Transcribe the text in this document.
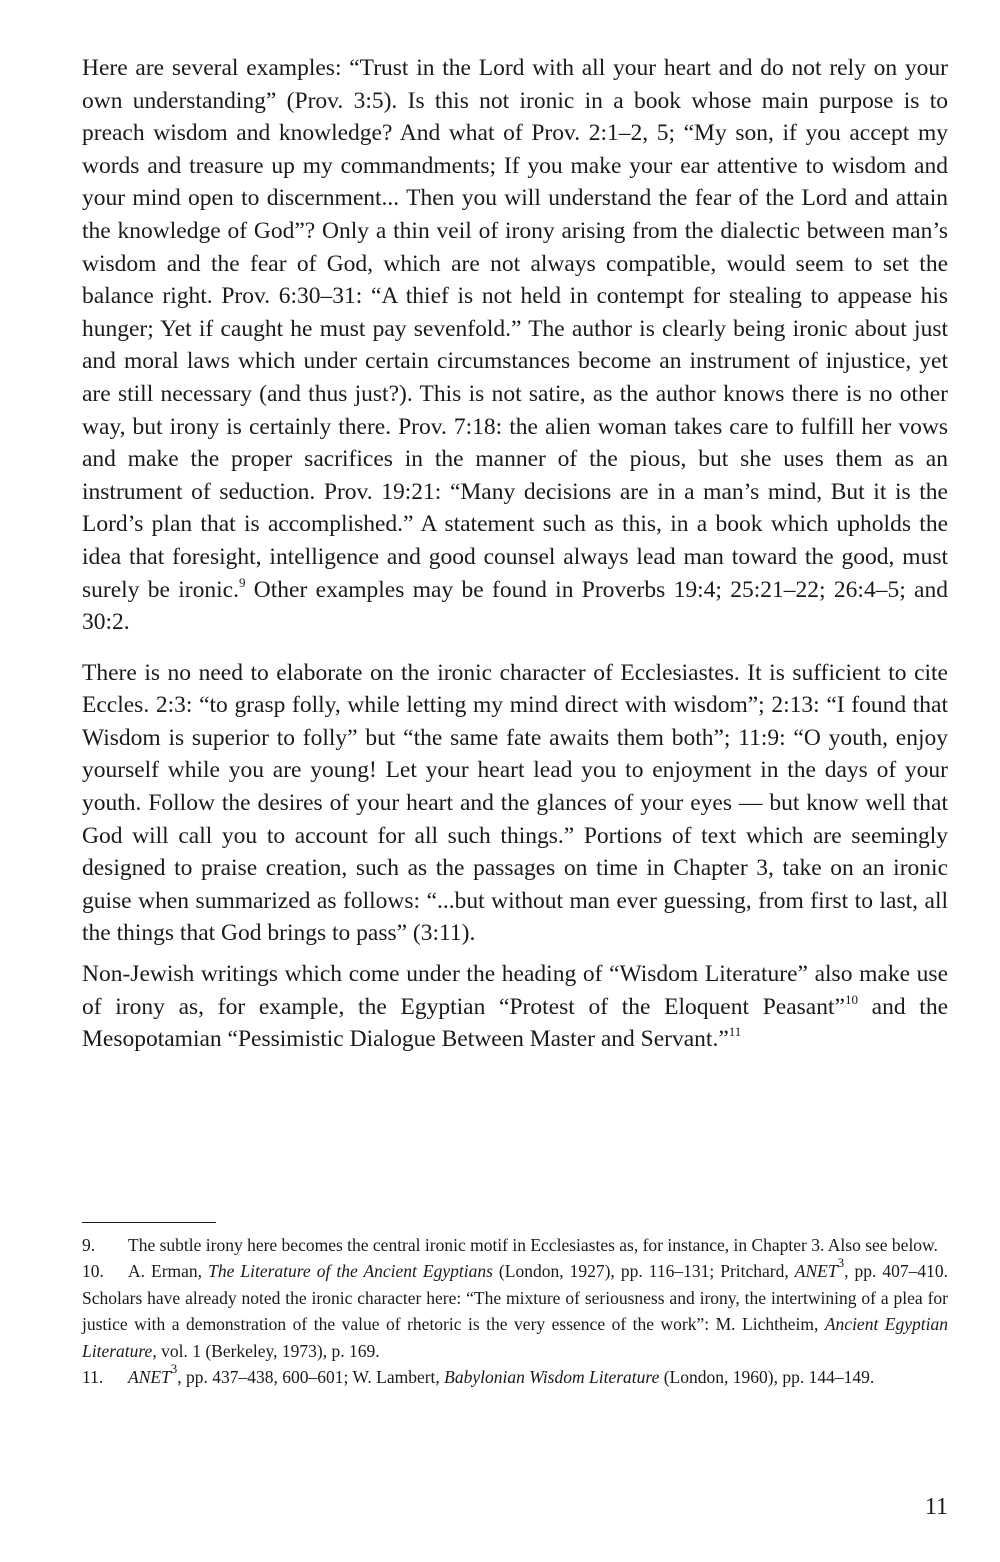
Here are several examples: “Trust in the Lord with all your heart and do not rely on your own understanding” (Prov. 3:5). Is this not ironic in a book whose main purpose is to preach wisdom and knowledge? And what of Prov. 2:1–2, 5; “My son, if you accept my words and treasure up my commandments; If you make your ear attentive to wisdom and your mind open to discernment... Then you will understand the fear of the Lord and attain the knowledge of God”? Only a thin veil of irony arising from the dialectic between man’s wisdom and the fear of God, which are not always compatible, would seem to set the balance right. Prov. 6:30–31: “A thief is not held in contempt for stealing to appease his hunger; Yet if caught he must pay sevenfold.” The author is clearly being ironic about just and moral laws which under certain circumstances become an instrument of injustice, yet are still necessary (and thus just?). This is not satire, as the author knows there is no other way, but irony is certainly there. Prov. 7:18: the alien woman takes care to fulfill her vows and make the proper sacrifices in the manner of the pious, but she uses them as an instrument of seduction. Prov. 19:21: “Many decisions are in a man’s mind, But it is the Lord’s plan that is accomplished.” A statement such as this, in a book which upholds the idea that foresight, intelligence and good counsel always lead man toward the good, must surely be ironic.$^9$ Other examples may be found in Proverbs 19:4; 25:21–22; 26:4–5; and 30:2.

There is no need to elaborate on the ironic character of Ecclesiastes. It is sufficient to cite Eccles. 2:3: “to grasp folly, while letting my mind direct with wisdom”; 2:13: “I found that Wisdom is superior to folly” but “the same fate awaits them both”; 11:9: “O youth, enjoy yourself while you are young! Let your heart lead you to enjoyment in the days of your youth. Follow the desires of your heart and the glances of your eyes — but know well that God will call you to account for all such things.” Portions of text which are seemingly designed to praise creation, such as the passages on time in Chapter 3, take on an ironic guise when summarized as follows: “...but without man ever guessing, from first to last, all the things that God brings to pass” (3:11).

Non-Jewish writings which come under the heading of “Wisdom Literature” also make use of irony as, for example, the Egyptian “Protest of the Eloquent Peasant”$^{10}$ and the Mesopotamian “Pessimistic Dialogue Between Master and Servant.”$^{11}$

9. The subtle irony here becomes the central ironic motif in Ecclesiastes as, for instance, in Chapter 3. Also see below.

10. A. Erman, The Literature of the Ancient Egyptians (London, 1927), pp. 116–131; Pritchard, ANET$^3$, pp. 407–410. Scholars have already noted the ironic character here: “The mixture of seriousness and irony, the intertwining of a plea for justice with a demonstration of the value of rhetoric is the very essence of the work”: M. Lichtheim, Ancient Egyptian Literature, vol. 1 (Berkeley, 1973), p. 169.

11. ANET$^3$, pp. 437–438, 600–601; W. Lambert, Babylonian Wisdom Literature (London, 1960), pp. 144–149.

11
